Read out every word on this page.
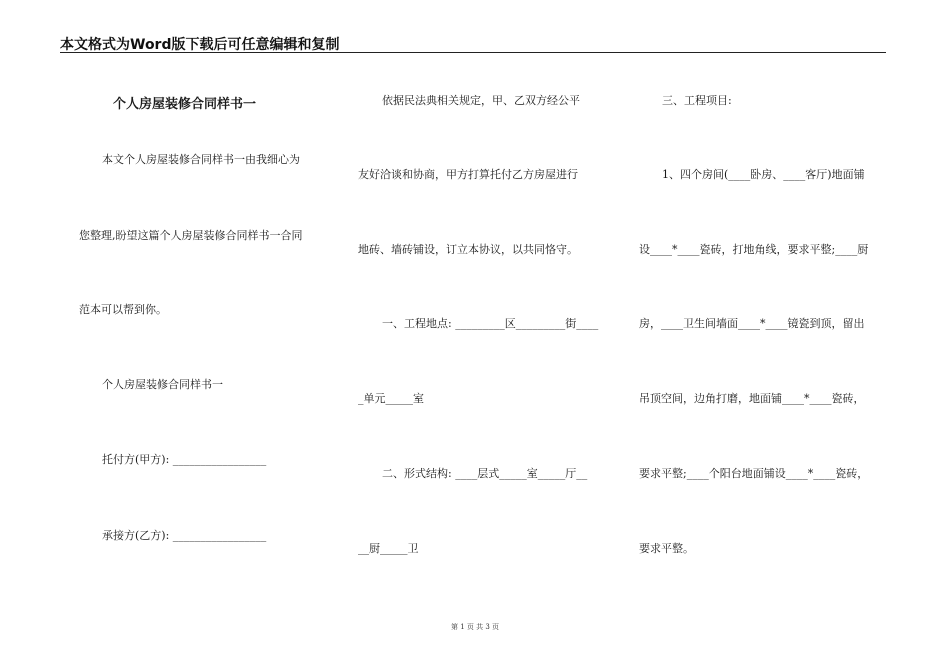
本文格式为Word版下载后可任意编辑和复制
个人房屋装修合同样书一
本文个人房屋装修合同样书一由我细心为
您整理,盼望这篇个人房屋装修合同样书一合同
范本可以帮到你。
个人房屋装修合同样书一
托付方(甲方): _________________
承接方(乙方): _________________
依据民法典相关规定，甲、乙双方经公平
友好洽谈和协商，甲方打算托付乙方房屋进行
地砖、墙砖铺设，订立本协议，以共同恪守。
一、工程地点: _________区_________街____
_单元_____室
二、形式结构: ____层式_____室_____厅__
__厨_____卫
三、工程项目:
1、四个房间(____卧房、____客厅)地面铺
设____*____瓷砖，打地角线，要求平整;____厨
房，____卫生间墙面____*____镜瓷到顶，留出
吊顶空间，边角打磨，地面铺____*____瓷砖，
要求平整;____个阳台地面铺设____*____瓷砖，
要求平整。
第 1 页 共 3 页
